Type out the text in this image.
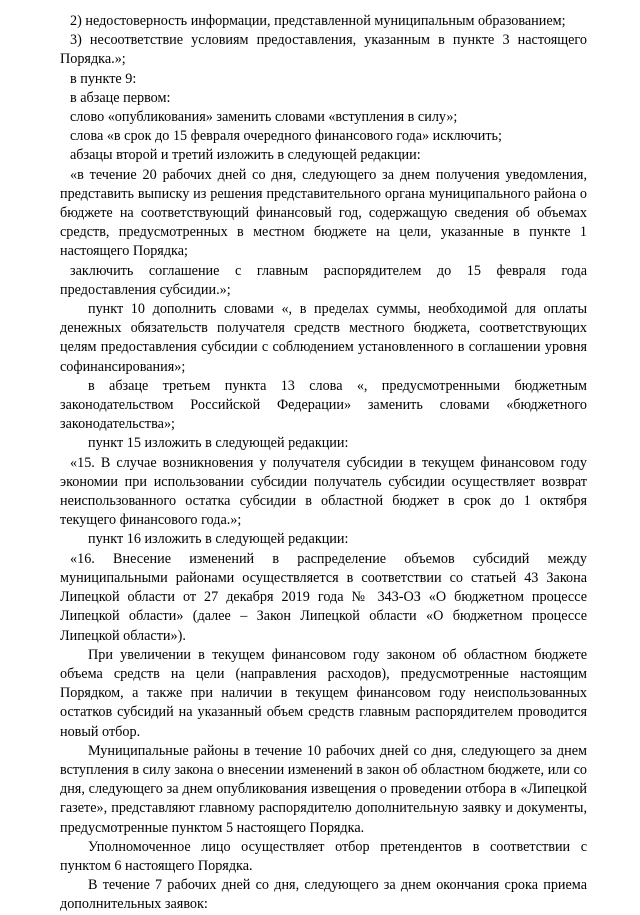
2) недостоверность информации, представленной муниципальным образованием;

3) несоответствие условиям предоставления, указанным в пункте 3 настоящего Порядка.»;

в пункте 9:

в абзаце первом:

слово «опубликования» заменить словами «вступления в силу»;

слова «в срок до 15 февраля очередного финансового года» исключить;

абзацы второй и третий изложить в следующей редакции:

«в течение 20 рабочих дней со дня, следующего за днем получения уведомления, представить выписку из решения представительного органа муниципального района о бюджете на соответствующий финансовый год, содержащую сведения об объемах средств, предусмотренных в местном бюджете на цели, указанные в пункте 1 настоящего Порядка;

заключить соглашение с главным распорядителем до 15 февраля года предоставления субсидии.»;

пункт 10 дополнить словами «, в пределах суммы, необходимой для оплаты денежных обязательств получателя средств местного бюджета, соответствующих целям предоставления субсидии с соблюдением установленного в соглашении уровня софинансирования»;

в абзаце третьем пункта 13 слова «, предусмотренными бюджетным законодательством Российской Федерации» заменить словами «бюджетного законодательства»;

пункт 15 изложить в следующей редакции:

«15. В случае возникновения у получателя субсидии в текущем финансовом году экономии при использовании субсидии получатель субсидии осуществляет возврат неиспользованного остатка субсидии в областной бюджет в срок до 1 октября текущего финансового года.»;

пункт 16 изложить в следующей редакции:

«16. Внесение изменений в распределение объемов субсидий между муниципальными районами осуществляется в соответствии со статьей 43 Закона Липецкой области от 27 декабря 2019 года № 343-ОЗ «О бюджетном процессе Липецкой области» (далее – Закон Липецкой области «О бюджетном процессе Липецкой области»).

При увеличении в текущем финансовом году законом об областном бюджете объема средств на цели (направления расходов), предусмотренные настоящим Порядком, а также при наличии в текущем финансовом году неиспользованных остатков субсидий на указанный объем средств главным распорядителем проводится новый отбор.

Муниципальные районы в течение 10 рабочих дней со дня, следующего за днем вступления в силу закона о внесении изменений в закон об областном бюджете, или со дня, следующего за днем опубликования извещения о проведении отбора в «Липецкой газете», представляют главному распорядителю дополнительную заявку и документы, предусмотренные пунктом 5 настоящего Порядка.

Уполномоченное лицо осуществляет отбор претендентов в соответствии с пунктом 6 настоящего Порядка.

В течение 7 рабочих дней со дня, следующего за днем окончания срока приема дополнительных заявок:
